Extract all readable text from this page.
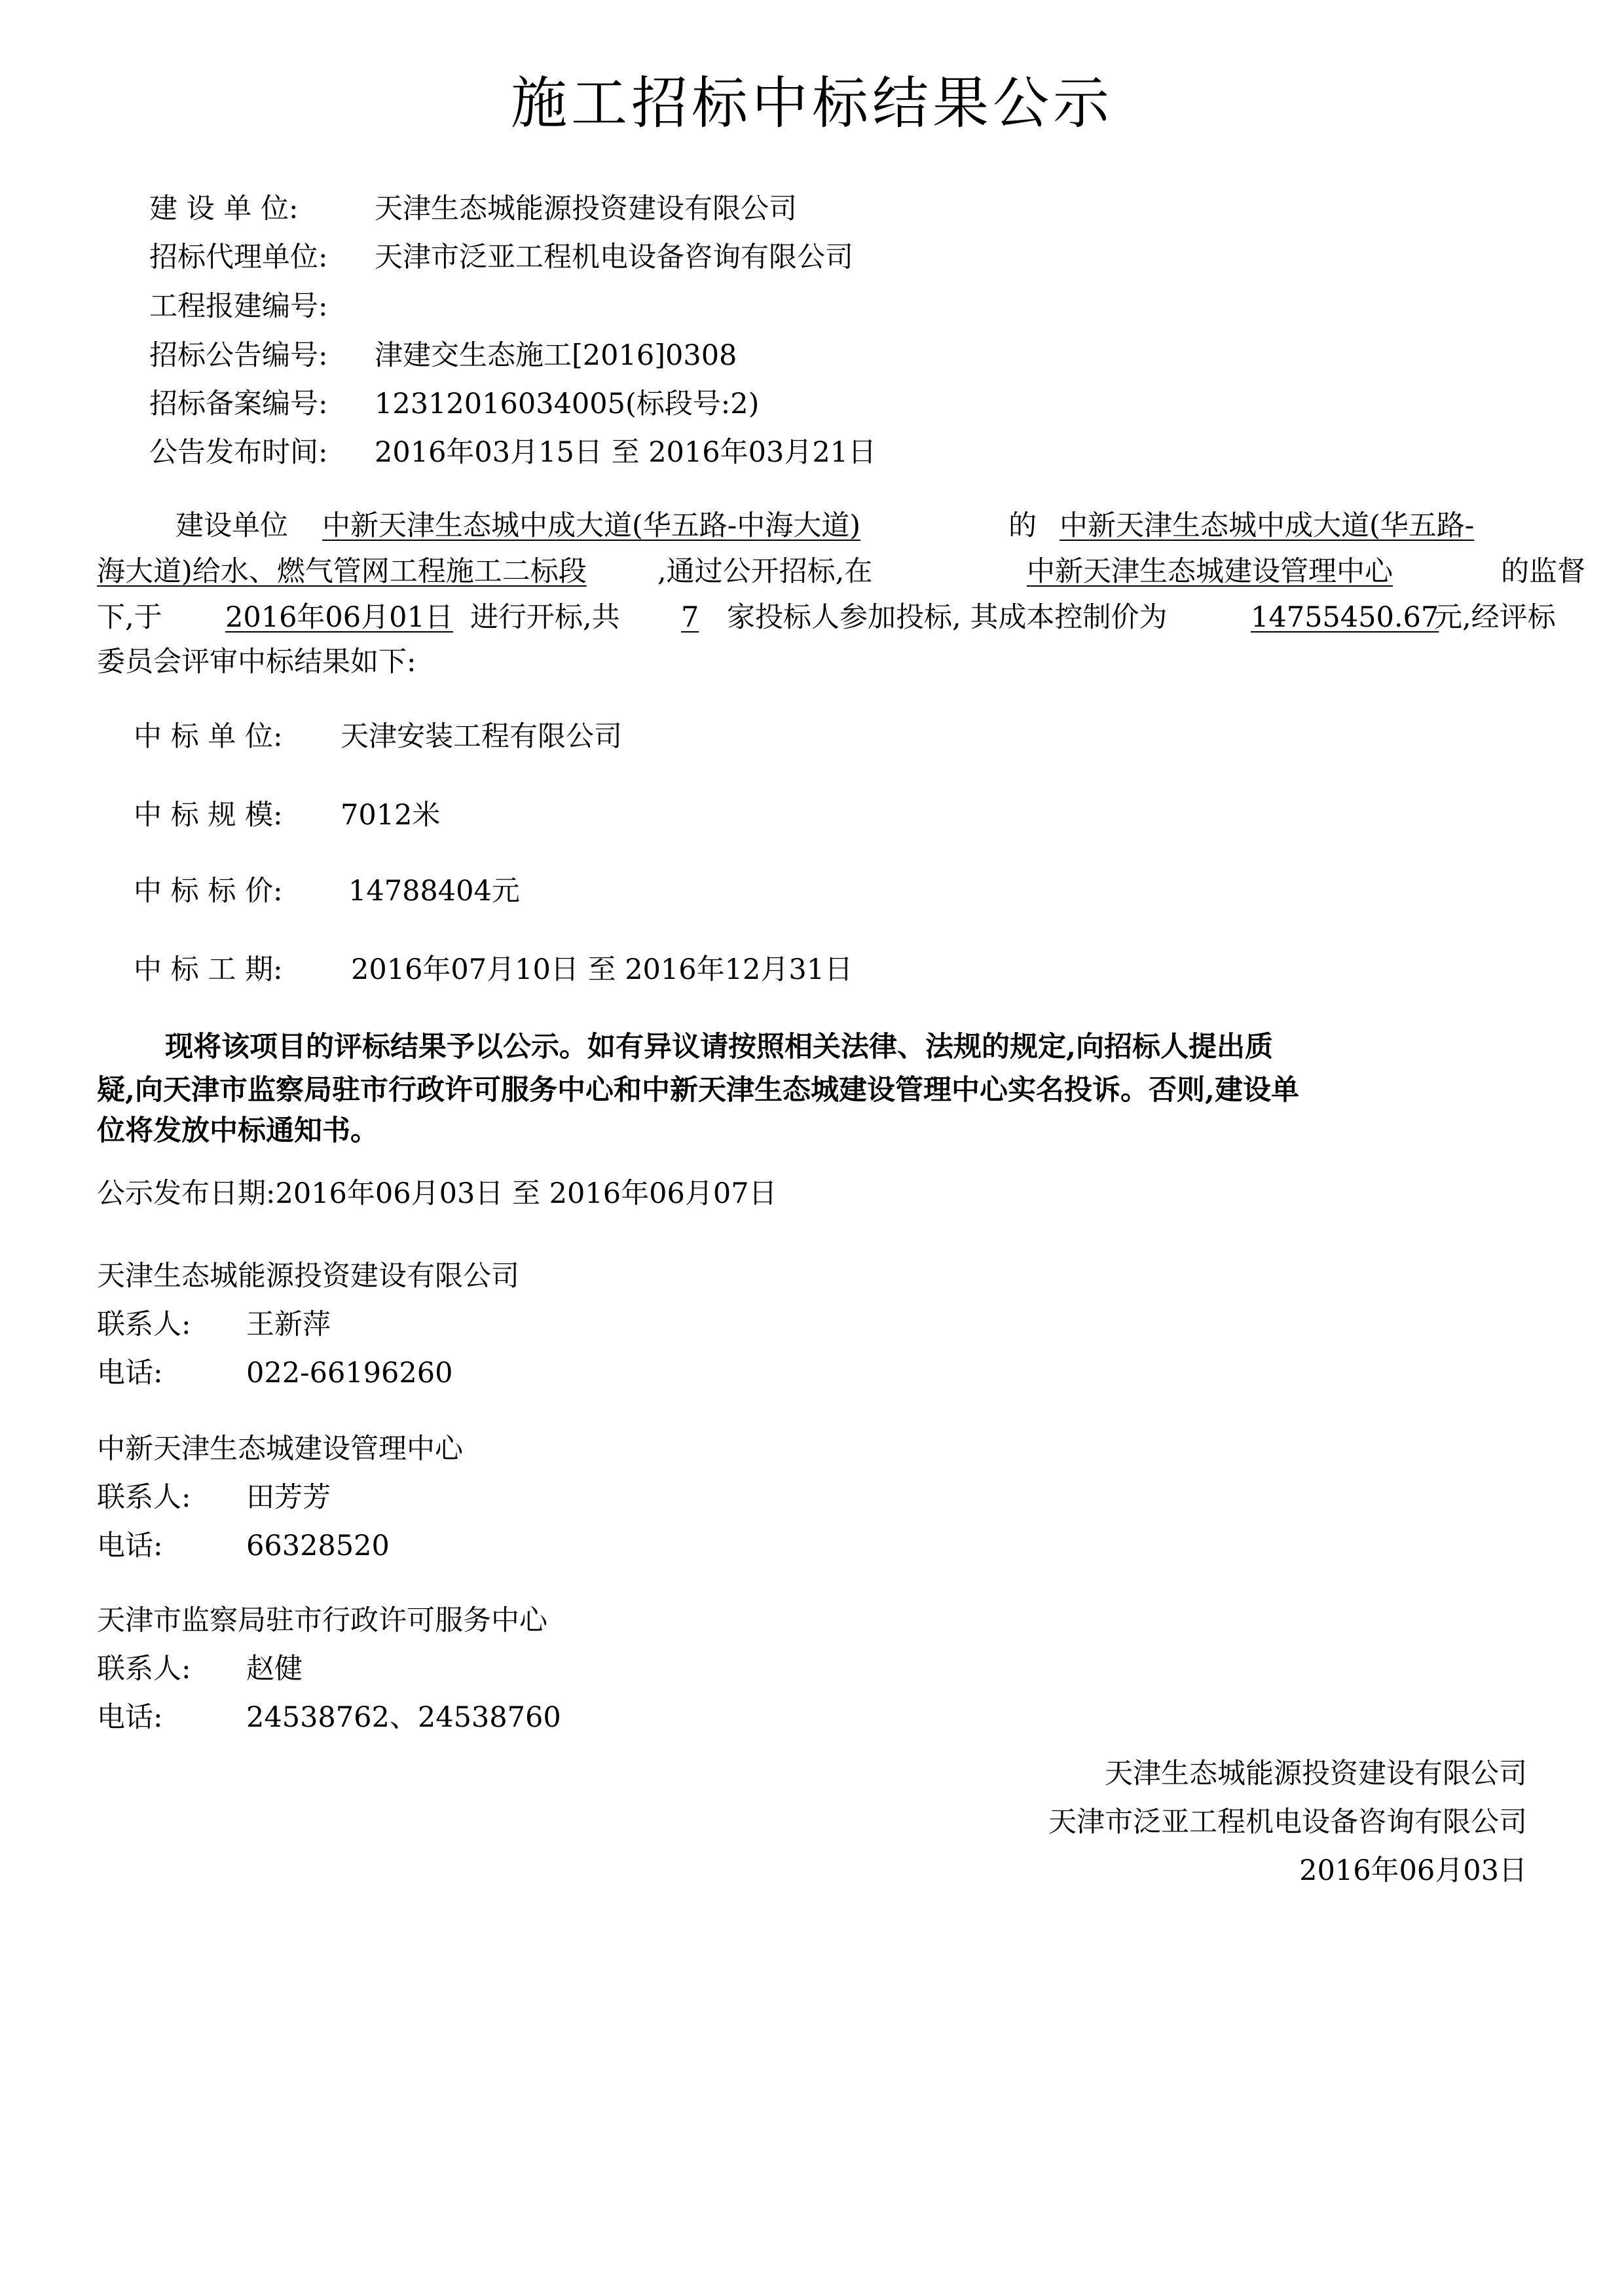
施工招标中标结果公示
建 设 单 位:	天津生态城能源投资建设有限公司
招标代理单位: 天津市泛亚工程机电设备咨询有限公司
工程报建编号:
招标公告编号: 津建交生态施工[2016]0308
招标备案编号: 12312016034005(标段号:2)
公告发布时间: 2016年03月15日 至 2016年03月21日
建设单位 中新天津生态城中成大道(华五路-中海大道)	的 中新天津生态城中成大道(华五路-
海大道)给水、燃气管网工程施工二标段	,通过公开招标,在	中新天津生态城建设管理中心	的监督
下,于 2016年06月01日 进行开标,共 7 家投标人参加投标, 其成本控制价为	14755450.67
元,经评标
委员会评审中标结果如下:
中 标 单 位: 天津安装工程有限公司
中 标 规 模: 7012米
中 标 标 价: 14788404元
中 标 工 期: 2016年07月10日 至 2016年12月31日
现将该项目的评标结果予以公示。如有异议请按照相关法律、法规的规定,向招标人提出质
疑,向天津市监察局驻市行政许可服务中心和中新天津生态城建设管理中心实名投诉。否则,建设单
位将发放中标通知书。
公示发布日期:2016年06月03日 至 2016年06月07日
天津生态城能源投资建设有限公司
联系人: 王新萍
电话:	022-66196260
中新天津生态城建设管理中心
联系人: 田芳芳
电话:	66328520
天津市监察局驻市行政许可服务中心
联系人: 赵健
电话:	24538762、24538760
天津生态城能源投资建设有限公司
天津市泛亚工程机电设备咨询有限公司
2016年06月03日
